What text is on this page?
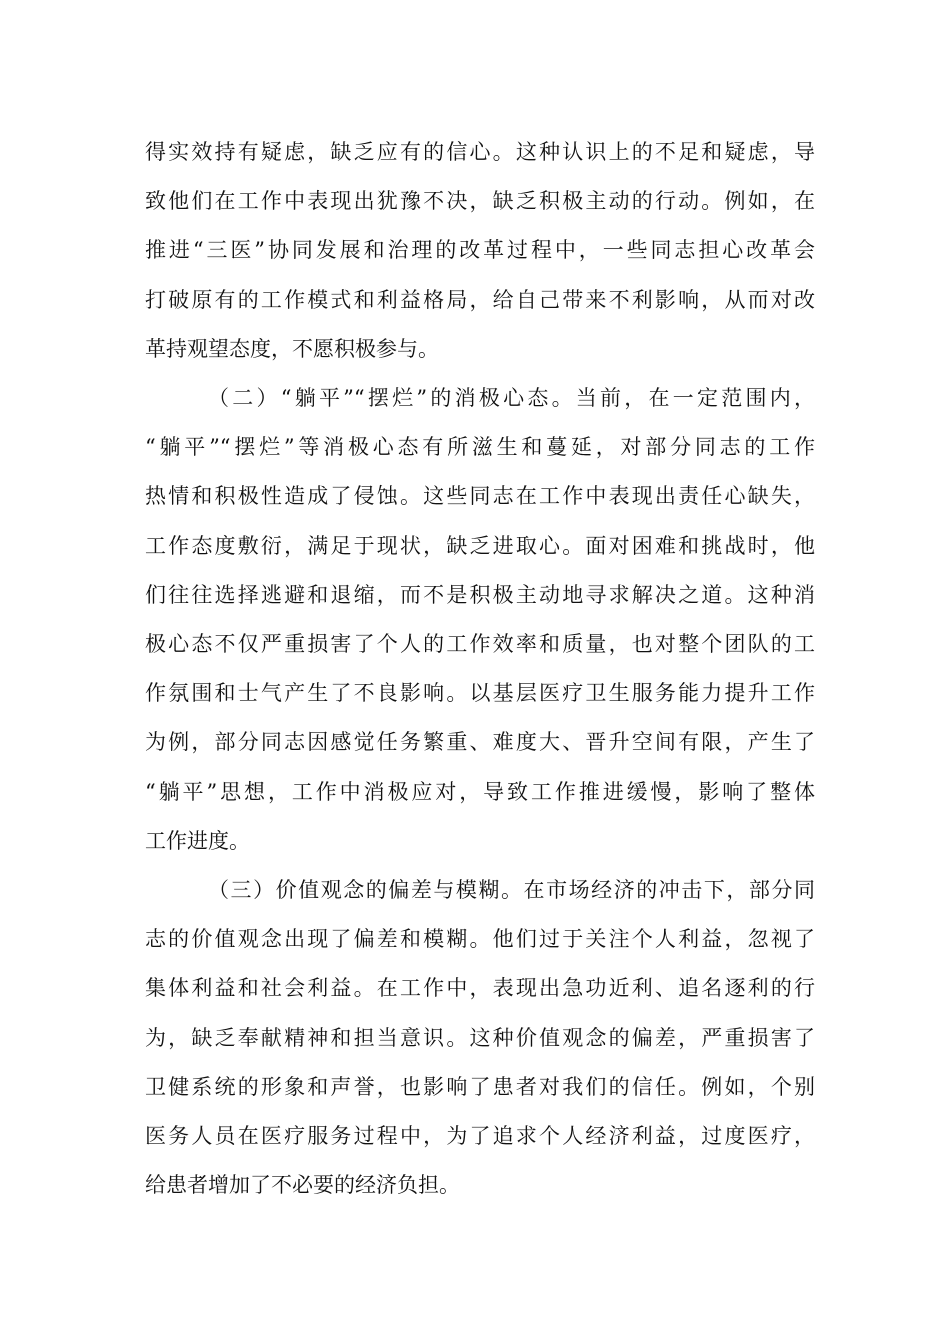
得实效持有疑虑，缺乏应有的信心。这种认识上的不足和疑虑，导
致他们在工作中表现出犹豫不决，缺乏积极主动的行动。例如，在
推进“三医”协同发展和治理的改革过程中，一些同志担心改革会
打破原有的工作模式和利益格局，给自己带来不利影响，从而对改
革持观望态度，不愿积极参与。
（二）“躺平”“摆烂”的消极心态。当前，在一定范围内，
“躺平”“摆烂”等消极心态有所滋生和蔓延，对部分同志的工作
热情和积极性造成了侵蚀。这些同志在工作中表现出责任心缺失，
工作态度敷衍，满足于现状，缺乏进取心。面对困难和挑战时，他
们往往选择逃避和退缩，而不是积极主动地寻求解决之道。这种消
极心态不仅严重损害了个人的工作效率和质量，也对整个团队的工
作氛围和士气产生了不良影响。以基层医疗卫生服务能力提升工作
为例，部分同志因感觉任务繁重、难度大、晋升空间有限，产生了
“躺平”思想，工作中消极应对，导致工作推进缓慢，影响了整体
工作进度。
（三）价值观念的偏差与模糊。在市场经济的冲击下，部分同
志的价值观念出现了偏差和模糊。他们过于关注个人利益，忽视了
集体利益和社会利益。在工作中，表现出急功近利、追名逐利的行
为，缺乏奉献精神和担当意识。这种价值观念的偏差，严重损害了
卫健系统的形象和声誉，也影响了患者对我们的信任。例如，个别
医务人员在医疗服务过程中，为了追求个人经济利益，过度医疗，
给患者增加了不必要的经济负担。
